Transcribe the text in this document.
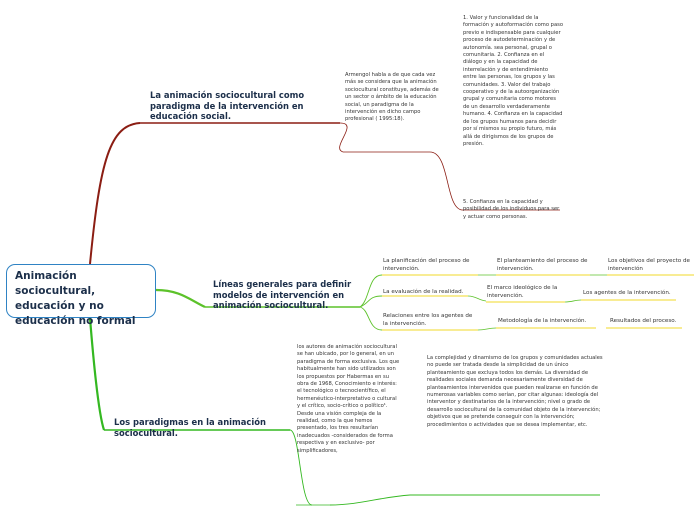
Animación sociocultural, educación y no educación no formal
La animación sociocultural como paradigma de la intervención en educación social.
Armengol habla a de que cada vez más se considera que la animación sociocultural constituye, además de un sector o ámbito de la educación social, un paradigma de la intervención en dicho campo profesional ( 1995:18).
1. Valor y funcionalidad de la formación y autoformación como paso previo e indispensable para cualquier proceso de autodeterminación y de autonomía. sea personal, grupal o comunitaria. 2. Confianza en el diálogo y en la capacidad de interrelación y de entendimiento entre las personas, los grupos y las comunidades. 3. Valor del trabajo cooperativo y de la autoorganización grupal y comunitaria como motores de un desarrollo verdaderamente humano. 4. Confianza en la capacidad de los grupos humanos para decidir por sí mismos su propio futuro, más allá de dirigismos de los grupos de presión.
5. Confianza en la capacidad y posibilidad de los individuos para ser y actuar como personas.
Líneas generales para definir modelos de intervención en animación sociocultural.
La planificación del proceso de intervención.
El planteamiento del proceso de intervención.
Los objetivos del proyecto de intervención
La evaluación de la realidad.
El marco ideológico de la intervención.	Los agentes de la intervención.
Relaciones entre los agentes de la intervención.	Metodología de la intervención.	Resultados del proceso.
Los paradigmas en la animación sociocultural.
los autores de animación sociocultural se han ubicado, por lo general, en un paradigma de forma exclusiva. Los que habitualmente han sido utilizados son los propuestos por Habermas en su obra de 1968, Conocimiento e interés: el tecnológico o tecnocientífico, el hermenéutico-interpretativo o cultural y el crítico, socio-crítico o político¹. Desde una visión compleja de la realidad, como la que hemos presentado, los tres resultarían inadecuados -considerados de forma respectiva y en exclusivo- por simplificadores,
La complejidad y dinamismo de los grupos y comunidades actuales no puede ser tratada desde la simplicidad de un único planteamiento que excluya todos los demás. La diversidad de realidades sociales demanda necesariamente diversidad de planteamientos intervenidos que pueden realizarse en función de numerosas variables como serían, por citar algunas: ideología del interventor y destinatarios de la intervención; nivel o grado de desarrollo sociocultural de la comunidad objeto de la intervención; objetivos que se pretende conseguir con la intervención; procedimientos o actividades que se desea implementar, etc.
